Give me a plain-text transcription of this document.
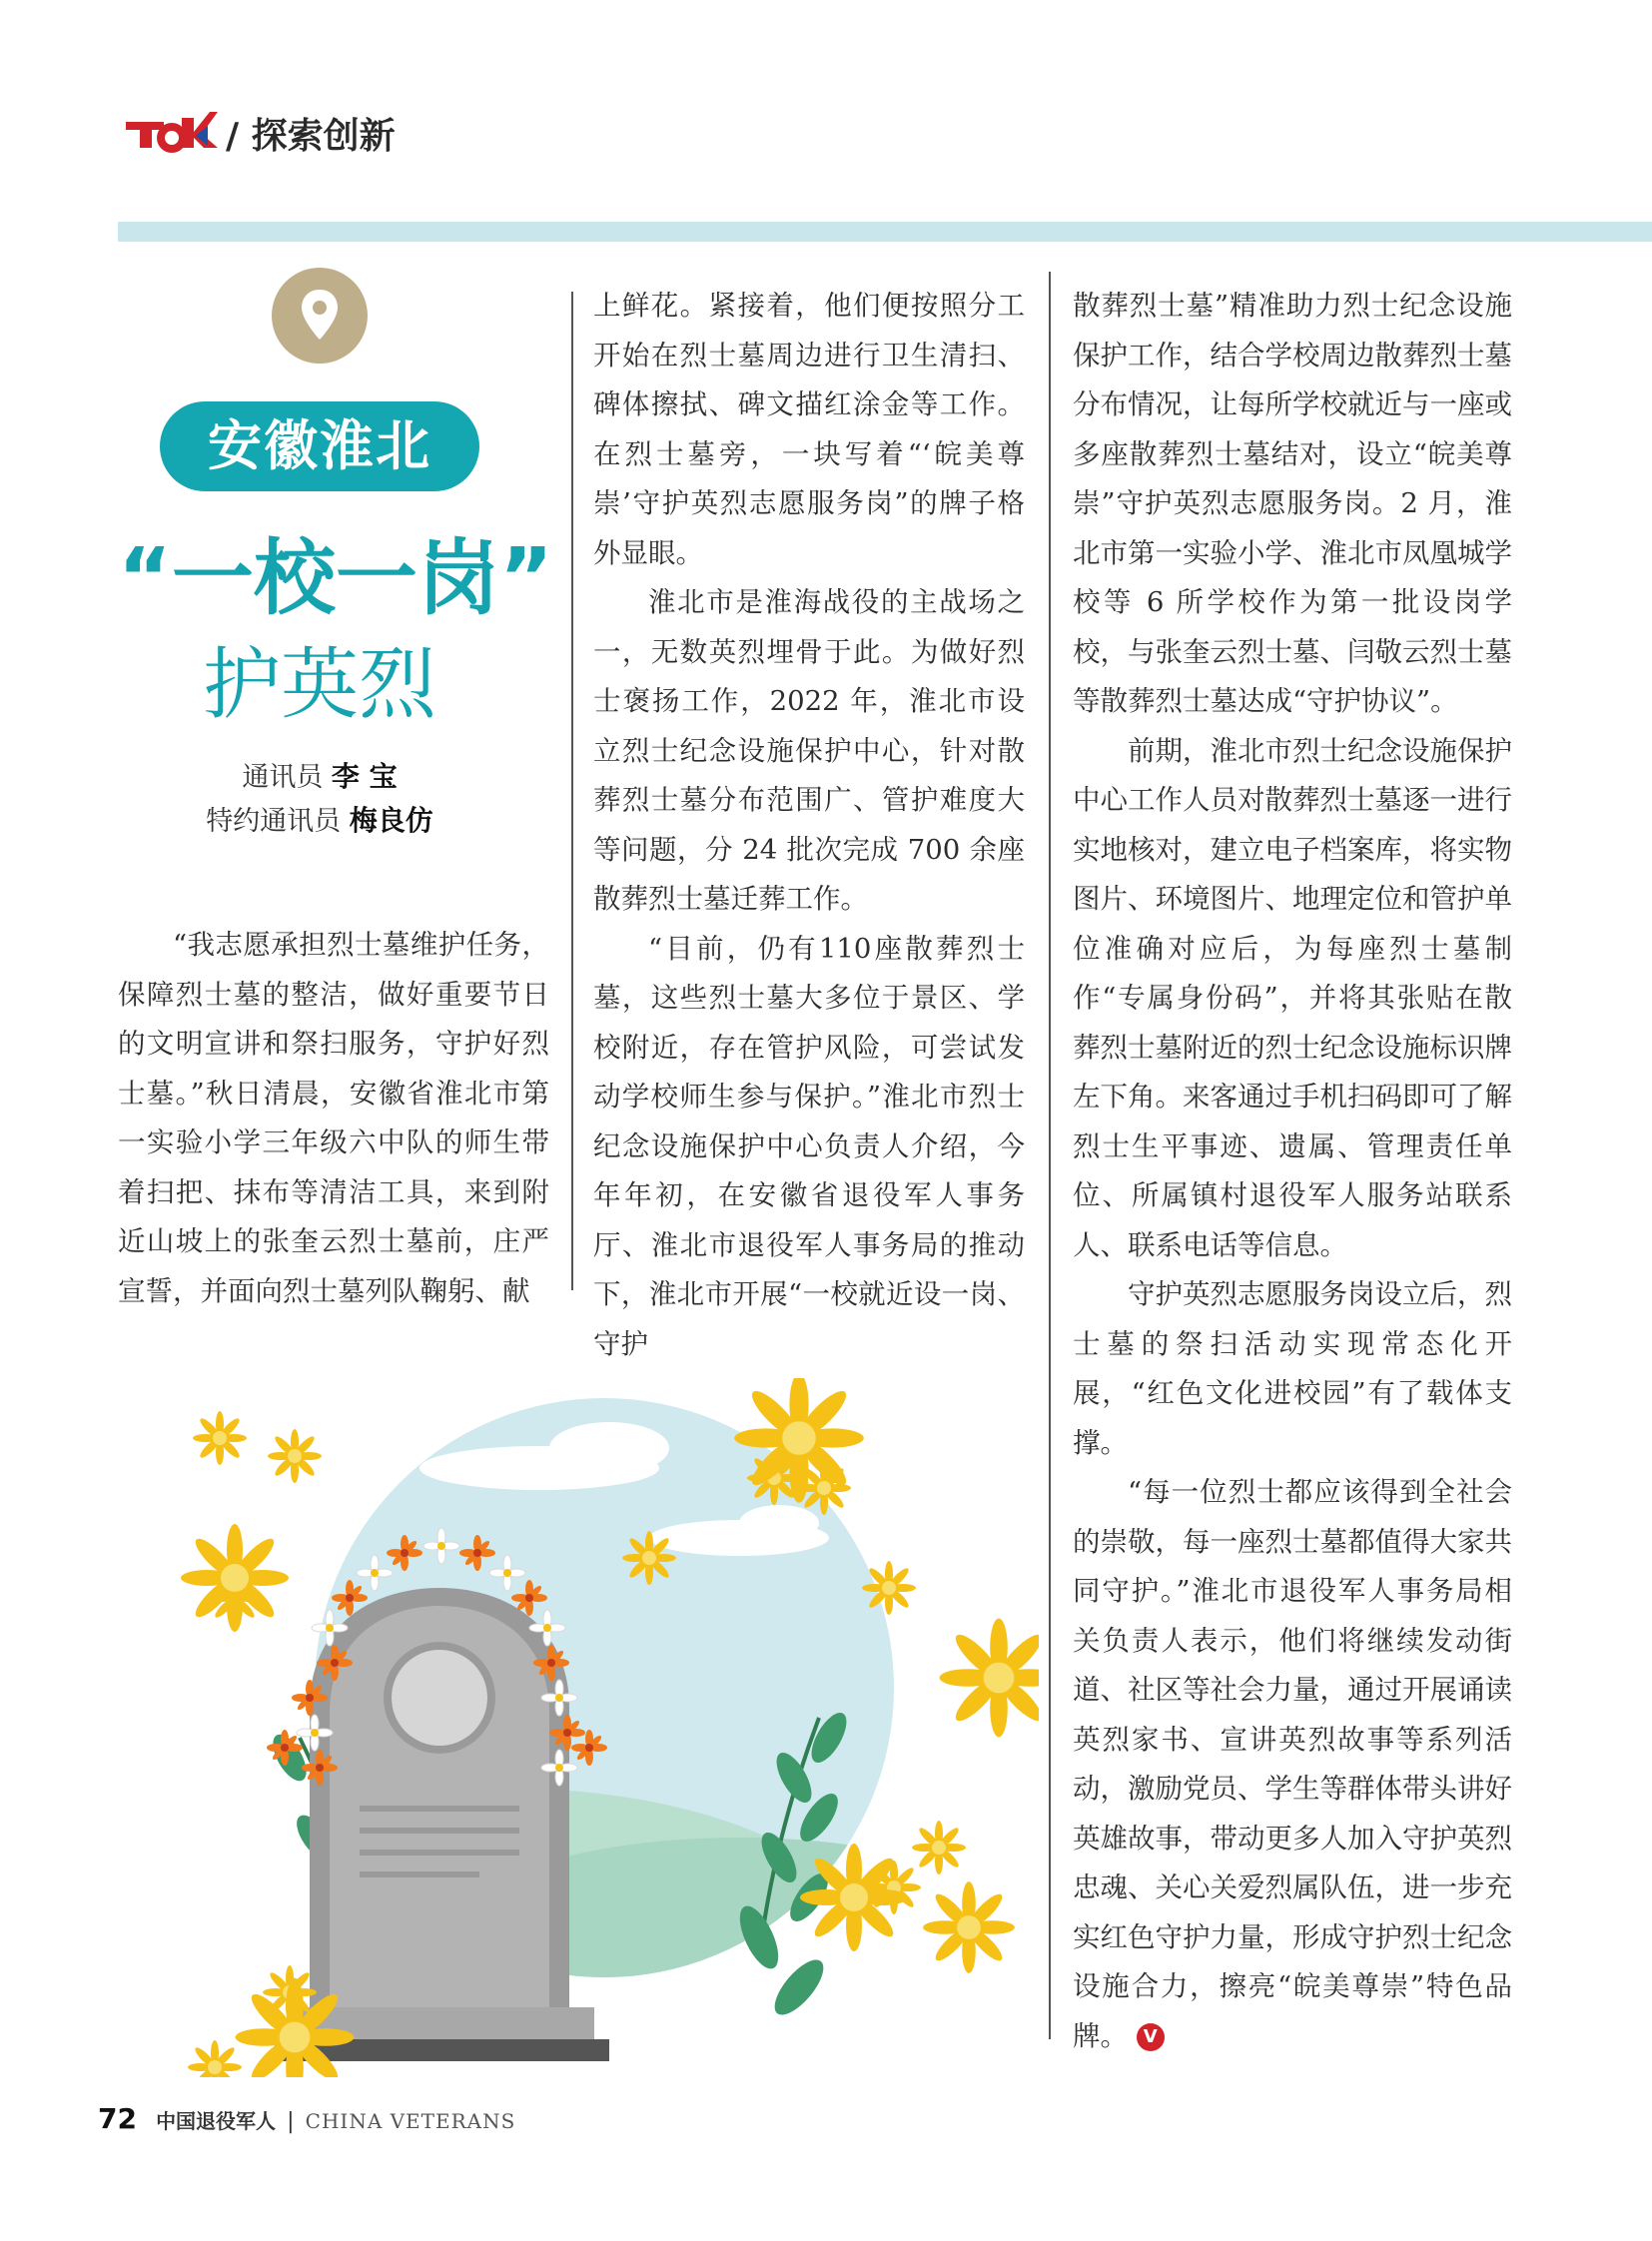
/ 探索创新
安徽淮北
“一校一岗”
护英烈
通讯员 李 宝
特约通讯员 梅良仿

“我志愿承担烈士墓维护任务，保障烈士墓的整洁，做好重要节日的文明宣讲和祭扫服务，守护好烈士墓。”秋日清晨，安徽省淮北市第一实验小学三年级六中队的师生带着扫把、抹布等清洁工具，来到附近山坡上的张奎云烈士墓前，庄严宣誓，并面向烈士墓列队鞠躬、献

上鲜花。紧接着，他们便按照分工开始在烈士墓周边进行卫生清扫、碑体擦拭、碑文描红涂金等工作。在烈士墓旁，一块写着“‘皖美尊崇’守护英烈志愿服务岗”的牌子格外显眼。

淮北市是淮海战役的主战场之一，无数英烈埋骨于此。为做好烈士褒扬工作，2022 年，淮北市设立烈士纪念设施保护中心，针对散葬烈士墓分布范围广、管护难度大等问题，分 24 批次完成 700 余座散葬烈士墓迁葬工作。

“目前，仍有110座散葬烈士墓，这些烈士墓大多位于景区、学校附近，存在管护风险，可尝试发动学校师生参与保护。”淮北市烈士纪念设施保护中心负责人介绍，今年年初，在安徽省退役军人事务厅、淮北市退役军人事务局的推动下，淮北市开展“一校就近设一岗、守护

散葬烈士墓”精准助力烈士纪念设施保护工作，结合学校周边散葬烈士墓分布情况，让每所学校就近与一座或多座散葬烈士墓结对，设立“皖美尊崇”守护英烈志愿服务岗。2 月，淮北市第一实验小学、淮北市凤凰城学校等 6 所学校作为第一批设岗学校，与张奎云烈士墓、闫敬云烈士墓等散葬烈士墓达成“守护协议”。

前期，淮北市烈士纪念设施保护中心工作人员对散葬烈士墓逐一进行实地核对，建立电子档案库，将实物图片、环境图片、地理定位和管护单位准确对应后，为每座烈士墓制作“专属身份码”，并将其张贴在散葬烈士墓附近的烈士纪念设施标识牌左下角。来客通过手机扫码即可了解烈士生平事迹、遗属、管理责任单位、所属镇村退役军人服务站联系人、联系电话等信息。

守护英烈志愿服务岗设立后，烈士墓的祭扫活动实现常态化开展，“红色文化进校园”有了载体支撑。

“每一位烈士都应该得到全社会的崇敬，每一座烈士墓都值得大家共同守护。”淮北市退役军人事务局相关负责人表示，他们将继续发动街道、社区等社会力量，通过开展诵读英烈家书、宣讲英烈故事等系列活动，激励党员、学生等群体带头讲好英雄故事，带动更多人加入守护英烈忠魂、关心关爱烈属队伍，进一步充实红色守护力量，形成守护烈士纪念设施合力，擦亮“皖美尊崇”特色品牌。 V

72 中国退役军人 | CHINA VETERANS
